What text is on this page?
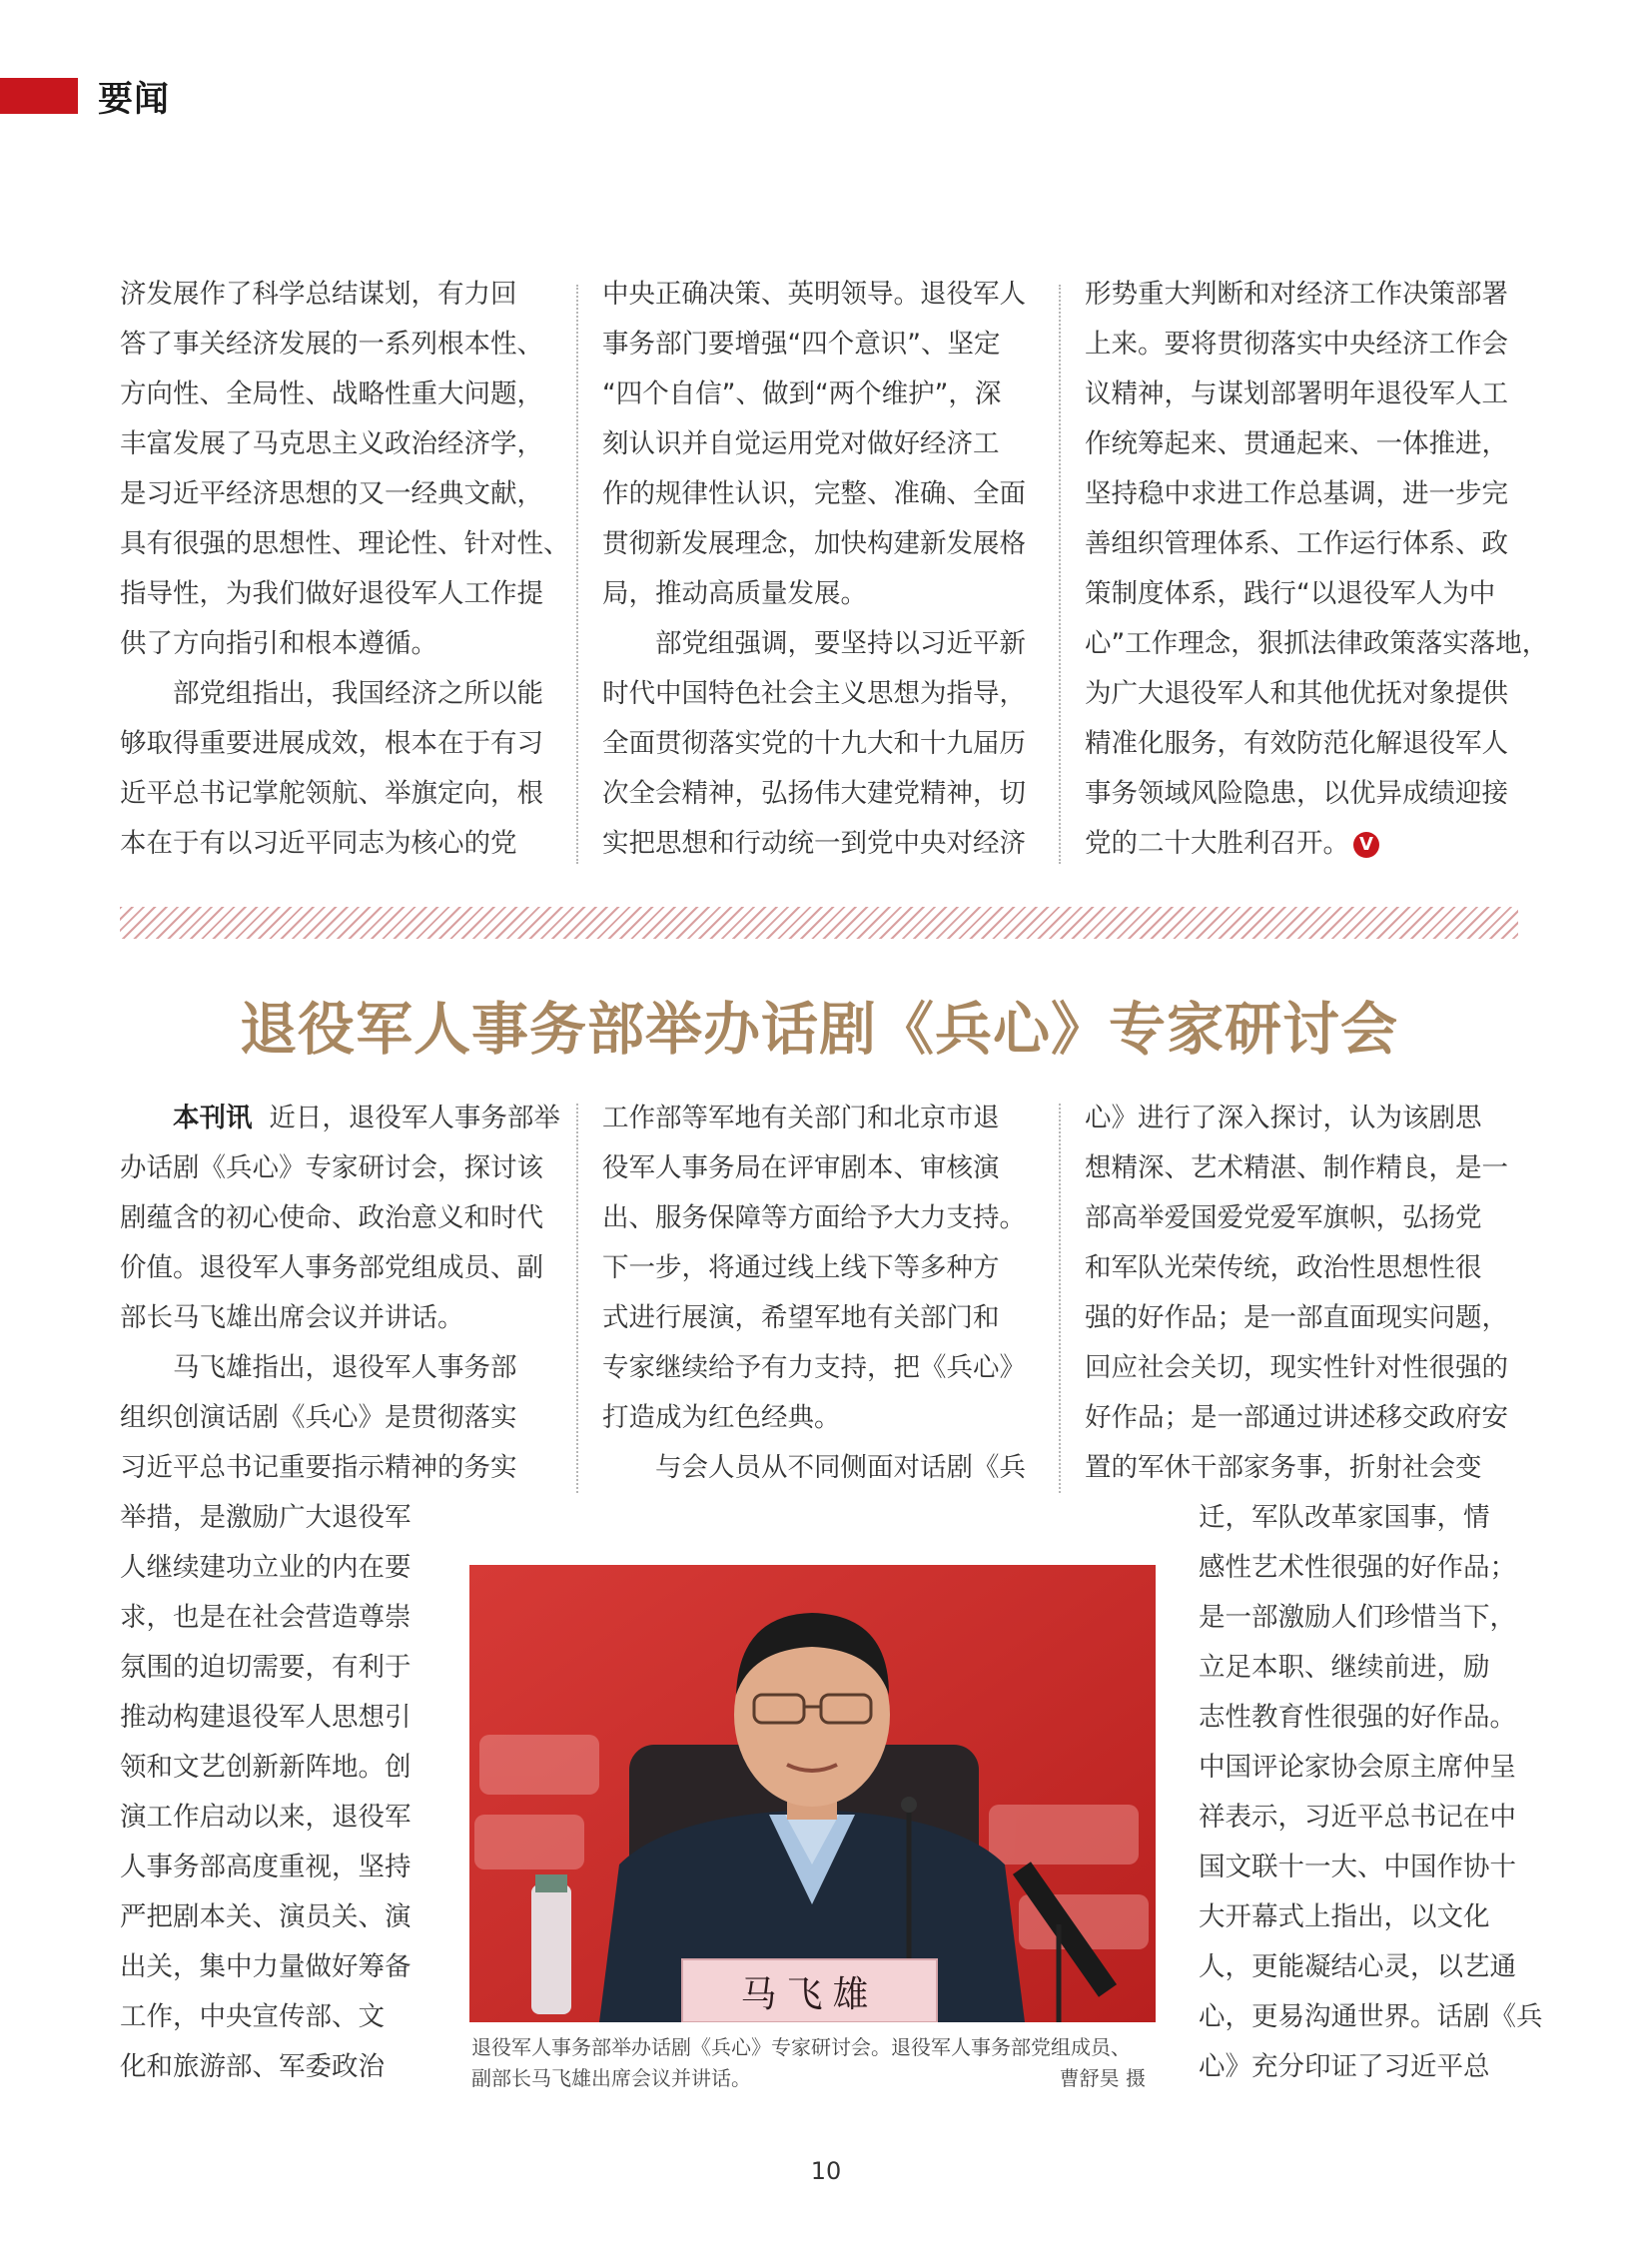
要闻
济发展作了科学总结谋划，有力回
答了事关经济发展的一系列根本性、
方向性、全局性、战略性重大问题，
丰富发展了马克思主义政治经济学，
是习近平经济思想的又一经典文献，
具有很强的思想性、理论性、针对性、
指导性，为我们做好退役军人工作提
供了方向指引和根本遵循。
部党组指出，我国经济之所以能
够取得重要进展成效，根本在于有习
近平总书记掌舵领航、举旗定向，根
本在于有以习近平同志为核心的党
中央正确决策、英明领导。退役军人
事务部门要增强“四个意识”、坚定
“四个自信”、做到“两个维护”，深
刻认识并自觉运用党对做好经济工
作的规律性认识，完整、准确、全面
贯彻新发展理念，加快构建新发展格
局，推动高质量发展。
部党组强调，要坚持以习近平新
时代中国特色社会主义思想为指导，
全面贯彻落实党的十九大和十九届历
次全会精神，弘扬伟大建党精神，切
实把思想和行动统一到党中央对经济
形势重大判断和对经济工作决策部署
上来。要将贯彻落实中央经济工作会
议精神，与谋划部署明年退役军人工
作统筹起来、贯通起来、一体推进，
坚持稳中求进工作总基调，进一步完
善组织管理体系、工作运行体系、政
策制度体系，践行“以退役军人为中
心”工作理念，狠抓法律政策落实落地，
为广大退役军人和其他优抚对象提供
精准化服务，有效防范化解退役军人
事务领域风险隐患，以优异成绩迎接
党的二十大胜利召开。 V
退役军人事务部举办话剧《兵心》专家研讨会
本刊讯 近日，退役军人事务部举
办话剧《兵心》专家研讨会，探讨该
剧蕴含的初心使命、政治意义和时代
价值。退役军人事务部党组成员、副
部长马飞雄出席会议并讲话。
马飞雄指出，退役军人事务部
组织创演话剧《兵心》是贯彻落实
习近平总书记重要指示精神的务实
举措，是激励广大退役军
人继续建功立业的内在要
求，也是在社会营造尊崇
氛围的迫切需要，有利于
推动构建退役军人思想引
领和文艺创新新阵地。创
演工作启动以来，退役军
人事务部高度重视，坚持
严把剧本关、演员关、演
出关，集中力量做好筹备
工作，中央宣传部、文
化和旅游部、军委政治
工作部等军地有关部门和北京市退
役军人事务局在评审剧本、审核演
出、服务保障等方面给予大力支持。
下一步，将通过线上线下等多种方
式进行展演，希望军地有关部门和
专家继续给予有力支持，把《兵心》
打造成为红色经典。
与会人员从不同侧面对话剧《兵
心》进行了深入探讨，认为该剧思
想精深、艺术精湛、制作精良，是一
部高举爱国爱党爱军旗帜，弘扬党
和军队光荣传统，政治性思想性很
强的好作品；是一部直面现实问题，
回应社会关切，现实性针对性很强的
好作品；是一部通过讲述移交政府安
置的军休干部家务事，折射社会变
迁，军队改革家国事，情
感性艺术性很强的好作品；
是一部激励人们珍惜当下，
立足本职、继续前进，励
志性教育性很强的好作品。
中国评论家协会原主席仲呈
祥表示，习近平总书记在中
国文联十一大、中国作协十
大开幕式上指出，以文化
人，更能凝结心灵，以艺通
心，更易沟通世界。话剧《兵
心》充分印证了习近平总
马飞雄
退役军人事务部举办话剧《兵心》专家研讨会。退役军人事务部党组成员、
副部长马飞雄出席会议并讲话。	曹舒昊 摄
10
